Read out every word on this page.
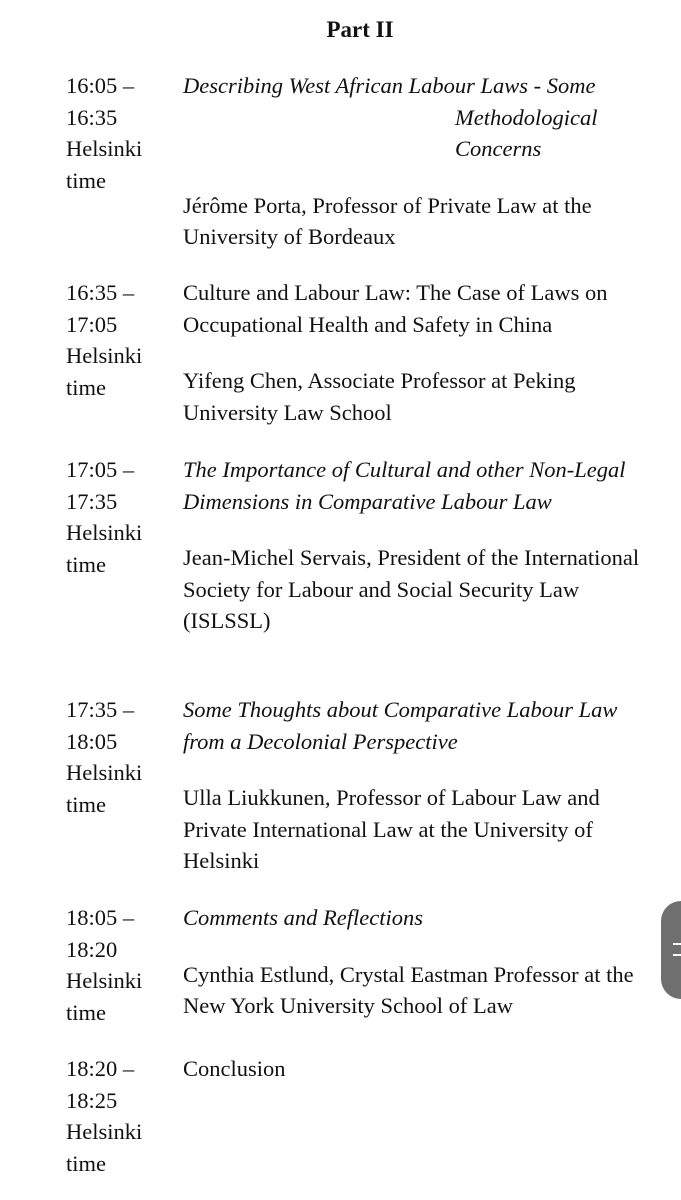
Part II
16:05 –
16:35
Helsinki
time

Describing West African Labour Laws - Some
Methodological
Concerns

Jérôme Porta, Professor of Private Law at the University of Bordeaux

16:35 –
17:05
Helsinki
time

Culture and Labour Law: The Case of Laws on Occupational Health and Safety in China

Yifeng Chen, Associate Professor at Peking University Law School

17:05 –
17:35
Helsinki
time

The Importance of Cultural and other Non-Legal Dimensions in Comparative Labour Law

Jean-Michel Servais, President of the International Society for Labour and Social Security Law (ISLSSL)

17:35 –
18:05
Helsinki
time

Some Thoughts about Comparative Labour Law from a Decolonial Perspective

Ulla Liukkunen, Professor of Labour Law and Private International Law at the University of Helsinki

18:05 –
18:20
Helsinki
time

Comments and Reflections

Cynthia Estlund, Crystal Eastman Professor at the New York University School of Law

18:20 –
18:25
Helsinki
time

Conclusion
